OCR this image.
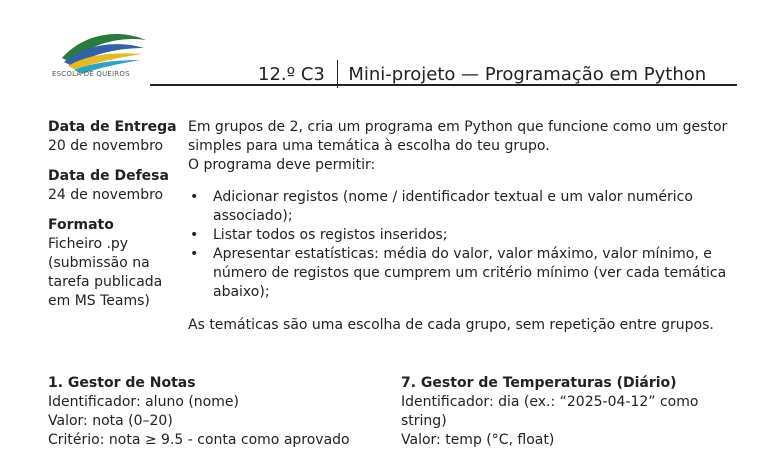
ESCOLA DE QUEIROS	12.º C3 Mini-projeto — Programação em Python
Data de Entrega
20 de novembro
Data de Defesa
24 de novembro
Formato
Ficheiro .py
(submissão na
tarefa publicada
em MS Teams)

Em grupos de 2, cria um programa em Python que funcione como um gestor

simples para uma temática à escolha do teu grupo.

O programa deve permitir:

• Adicionar registos (nome / identificador textual e um valor numérico
associado);
• Listar todos os registos inseridos;
• Apresentar estatísticas: média do valor, valor máximo, valor mínimo, e
número de registos que cumprem um critério mínimo (ver cada temática
abaixo);

As temáticas são uma escolha de cada grupo, sem repetição entre grupos.

1. Gestor de Notas
Identificador: aluno (nome)
Valor: nota (0–20)
Critério: nota ≥ 9.5 - conta como aprovado
7. Gestor de Temperaturas (Diário)
Identificador: dia (ex.: “2025-04-12” como
string)
Valor: temp (°C, float)
